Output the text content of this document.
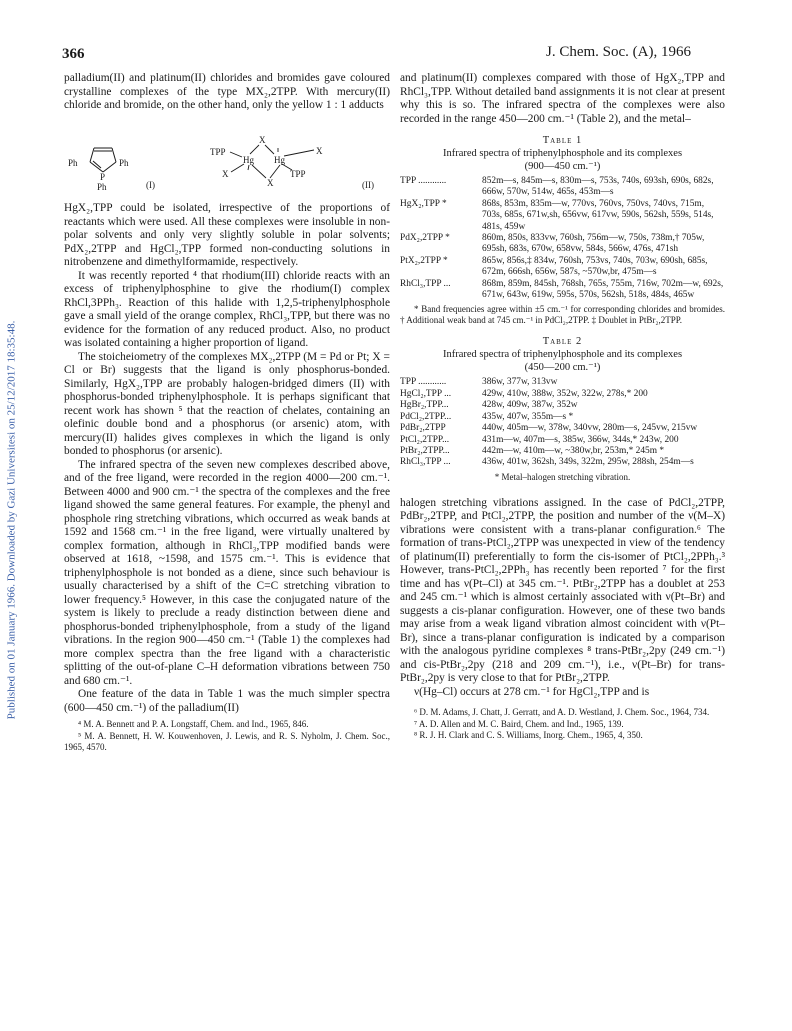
366	J. Chem. Soc. (A), 1966
Published on 01 January 1966. Downloaded by Gazi Universitesi on 25/12/2017 18:35:48.

palladium(II) and platinum(II) chlorides and bromides gave coloured crystalline complexes of the type MX₂,2TPP. With mercury(II) chloride and bromide, on the other hand, only the yellow 1 : 1 adducts

Ph	Ph
P
Ph	(I)
TPP
X
Hg Hg
X
X
X
TPP
(II)

HgX₂,TPP could be isolated, irrespective of the proportions of reactants which were used. All these complexes were insoluble in non-polar solvents and only very slightly soluble in polar solvents; PdX₂,2TPP and HgCl₂,TPP formed non-conducting solutions in nitrobenzene and dimethylformamide, respectively.

It was recently reported ⁴ that rhodium(III) chloride reacts with an excess of triphenylphosphine to give the rhodium(I) complex RhCl,3PPh₃. Reaction of this halide with 1,2,5-triphenylphosphole gave a small yield of the orange complex, RhCl₃,TPP, but there was no evidence for the formation of any reduced product. Also, no product was isolated containing a higher proportion of ligand.

The stoicheiometry of the complexes MX₂,2TPP (M = Pd or Pt; X = Cl or Br) suggests that the ligand is only phosphorus-bonded. Similarly, HgX₂,TPP are probably halogen-bridged dimers (II) with phosphorus-bonded triphenylphosphole. It is perhaps significant that recent work has shown ⁵ that the reaction of chelates, containing an olefinic double bond and a phosphorus (or arsenic) atom, with mercury(II) halides gives complexes in which the ligand is only bonded to phosphorus (or arsenic).

The infrared spectra of the seven new complexes described above, and of the free ligand, were recorded in the region 4000—200 cm.⁻¹. Between 4000 and 900 cm.⁻¹ the spectra of the complexes and the free ligand showed the same general features. For example, the phenyl and phosphole ring stretching vibrations, which occurred as weak bands at 1592 and 1568 cm.⁻¹ in the free ligand, were virtually unaltered by complex formation, although in RhCl₃,TPP modified bands were observed at 1618, ~1598, and 1575 cm.⁻¹. This is evidence that triphenylphosphole is not bonded as a diene, since such behaviour is usually characterised by a shift of the C=C stretching vibration to lower frequency.⁵ However, in this case the conjugated nature of the system is likely to preclude a ready distinction between diene and phosphorus-bonded triphenylphosphole, from a study of the ligand vibrations. In the region 900—450 cm.⁻¹ (Table 1) the complexes had more complex spectra than the free ligand with a characteristic splitting of the out-of-plane C–H deformation vibrations between 750 and 680 cm.⁻¹.

One feature of the data in Table 1 was the much simpler spectra (600—450 cm.⁻¹) of the palladium(II)

⁴ M. A. Bennett and P. A. Longstaff, Chem. and Ind., 1965, 846.

⁵ M. A. Bennett, H. W. Kouwenhoven, J. Lewis, and R. S. Nyholm, J. Chem. Soc., 1965, 4570.

and platinum(II) complexes compared with those of HgX₂,TPP and RhCl₃,TPP. Without detailed band assignments it is not clear at present why this is so. The infrared spectra of the complexes were also recorded in the range 450—200 cm.⁻¹ (Table 2), and the metal–

Table 1
Infrared spectra of triphenylphosphole and its complexes
(900—450 cm.⁻¹)
TPP ............	852m—s, 845m—s, 830m—s, 753s, 740s, 693sh, 690s, 682s, 666w, 570w, 514w, 465s, 453m—s
HgX₂,TPP *	868s, 853m, 835m—w, 770vs, 760vs, 750vs, 740vs, 715m, 703s, 685s, 671w,sh, 656vw, 617vw, 590s, 562sh, 559s, 514s, 481s, 459w
PdX₂,2TPP *	860m, 850s, 833vw, 760sh, 756m—w, 750s, 738m,† 705w, 695sh, 683s, 670w, 658vw, 584s, 566w, 476s, 471sh
PtX₂,2TPP *	865w, 856s,‡ 834w, 760sh, 753vs, 740s, 703w, 690sh, 685s, 672m, 666sh, 656w, 587s, ~570w,br, 475m—s
RhCl₃,TPP ...	868m, 859m, 845sh, 768sh, 765s, 755m, 716w, 702m—w, 692s, 671w, 643w, 619w, 595s, 570s, 562sh, 518s, 484s, 465w

* Band frequencies agree within ±5 cm.⁻¹ for corresponding chlorides and bromides. † Additional weak band at 745 cm.⁻¹ in PdCl₂,2TPP. ‡ Doublet in PtBr₂,2TPP.

Table 2
Infrared spectra of triphenylphosphole and its complexes
(450—200 cm.⁻¹)
TPP ............	386w, 377w, 313vw
HgCl₂,TPP ...	429w, 410w, 388w, 352w, 322w, 278s,* 200
HgBr₂,TPP...	428w, 409w, 387w, 352w
PdCl₂,2TPP...	435w, 407w, 355m—s *
PdBr₂,2TPP	440w, 405m—w, 378w, 340vw, 280m—s, 245vw, 215vw
PtCl₂,2TPP...	431m—w, 407m—s, 385w, 366w, 344s,* 243w, 200
PtBr₂,2TPP...	442m—w, 410m—w, ~380w,br, 253m,* 245m *
RhCl₃,TPP ...	436w, 401w, 362sh, 349s, 322m, 295w, 288sh, 254m—s

* Metal–halogen stretching vibration.

halogen stretching vibrations assigned. In the case of PdCl₂,2TPP, PdBr₂,2TPP, and PtCl₂,2TPP, the position and number of the ν(M–X) vibrations were consistent with a trans-planar configuration.⁶ The formation of trans-PtCl₂,2TPP was unexpected in view of the tendency of platinum(II) preferentially to form the cis-isomer of PtCl₂,2PPh₃.³ However, trans-PtCl₂,2PPh₃ has recently been reported ⁷ for the first time and has ν(Pt–Cl) at 345 cm.⁻¹. PtBr₂,2TPP has a doublet at 253 and 245 cm.⁻¹ which is almost certainly associated with ν(Pt–Br) and suggests a cis-planar configuration. However, one of these two bands may arise from a weak ligand vibration almost coincident with ν(Pt–Br), since a trans-planar configuration is indicated by a comparison with the analogous pyridine complexes ⁸ trans-PtBr₂,2py (249 cm.⁻¹) and cis-PtBr₂,2py (218 and 209 cm.⁻¹), i.e., ν(Pt–Br) for trans-PtBr₂,2py is very close to that for PtBr₂,2TPP.

ν(Hg–Cl) occurs at 278 cm.⁻¹ for HgCl₂,TPP and is

⁶ D. M. Adams, J. Chatt, J. Gerratt, and A. D. Westland, J. Chem. Soc., 1964, 734.

⁷ A. D. Allen and M. C. Baird, Chem. and Ind., 1965, 139.

⁸ R. J. H. Clark and C. S. Williams, Inorg. Chem., 1965, 4, 350.
